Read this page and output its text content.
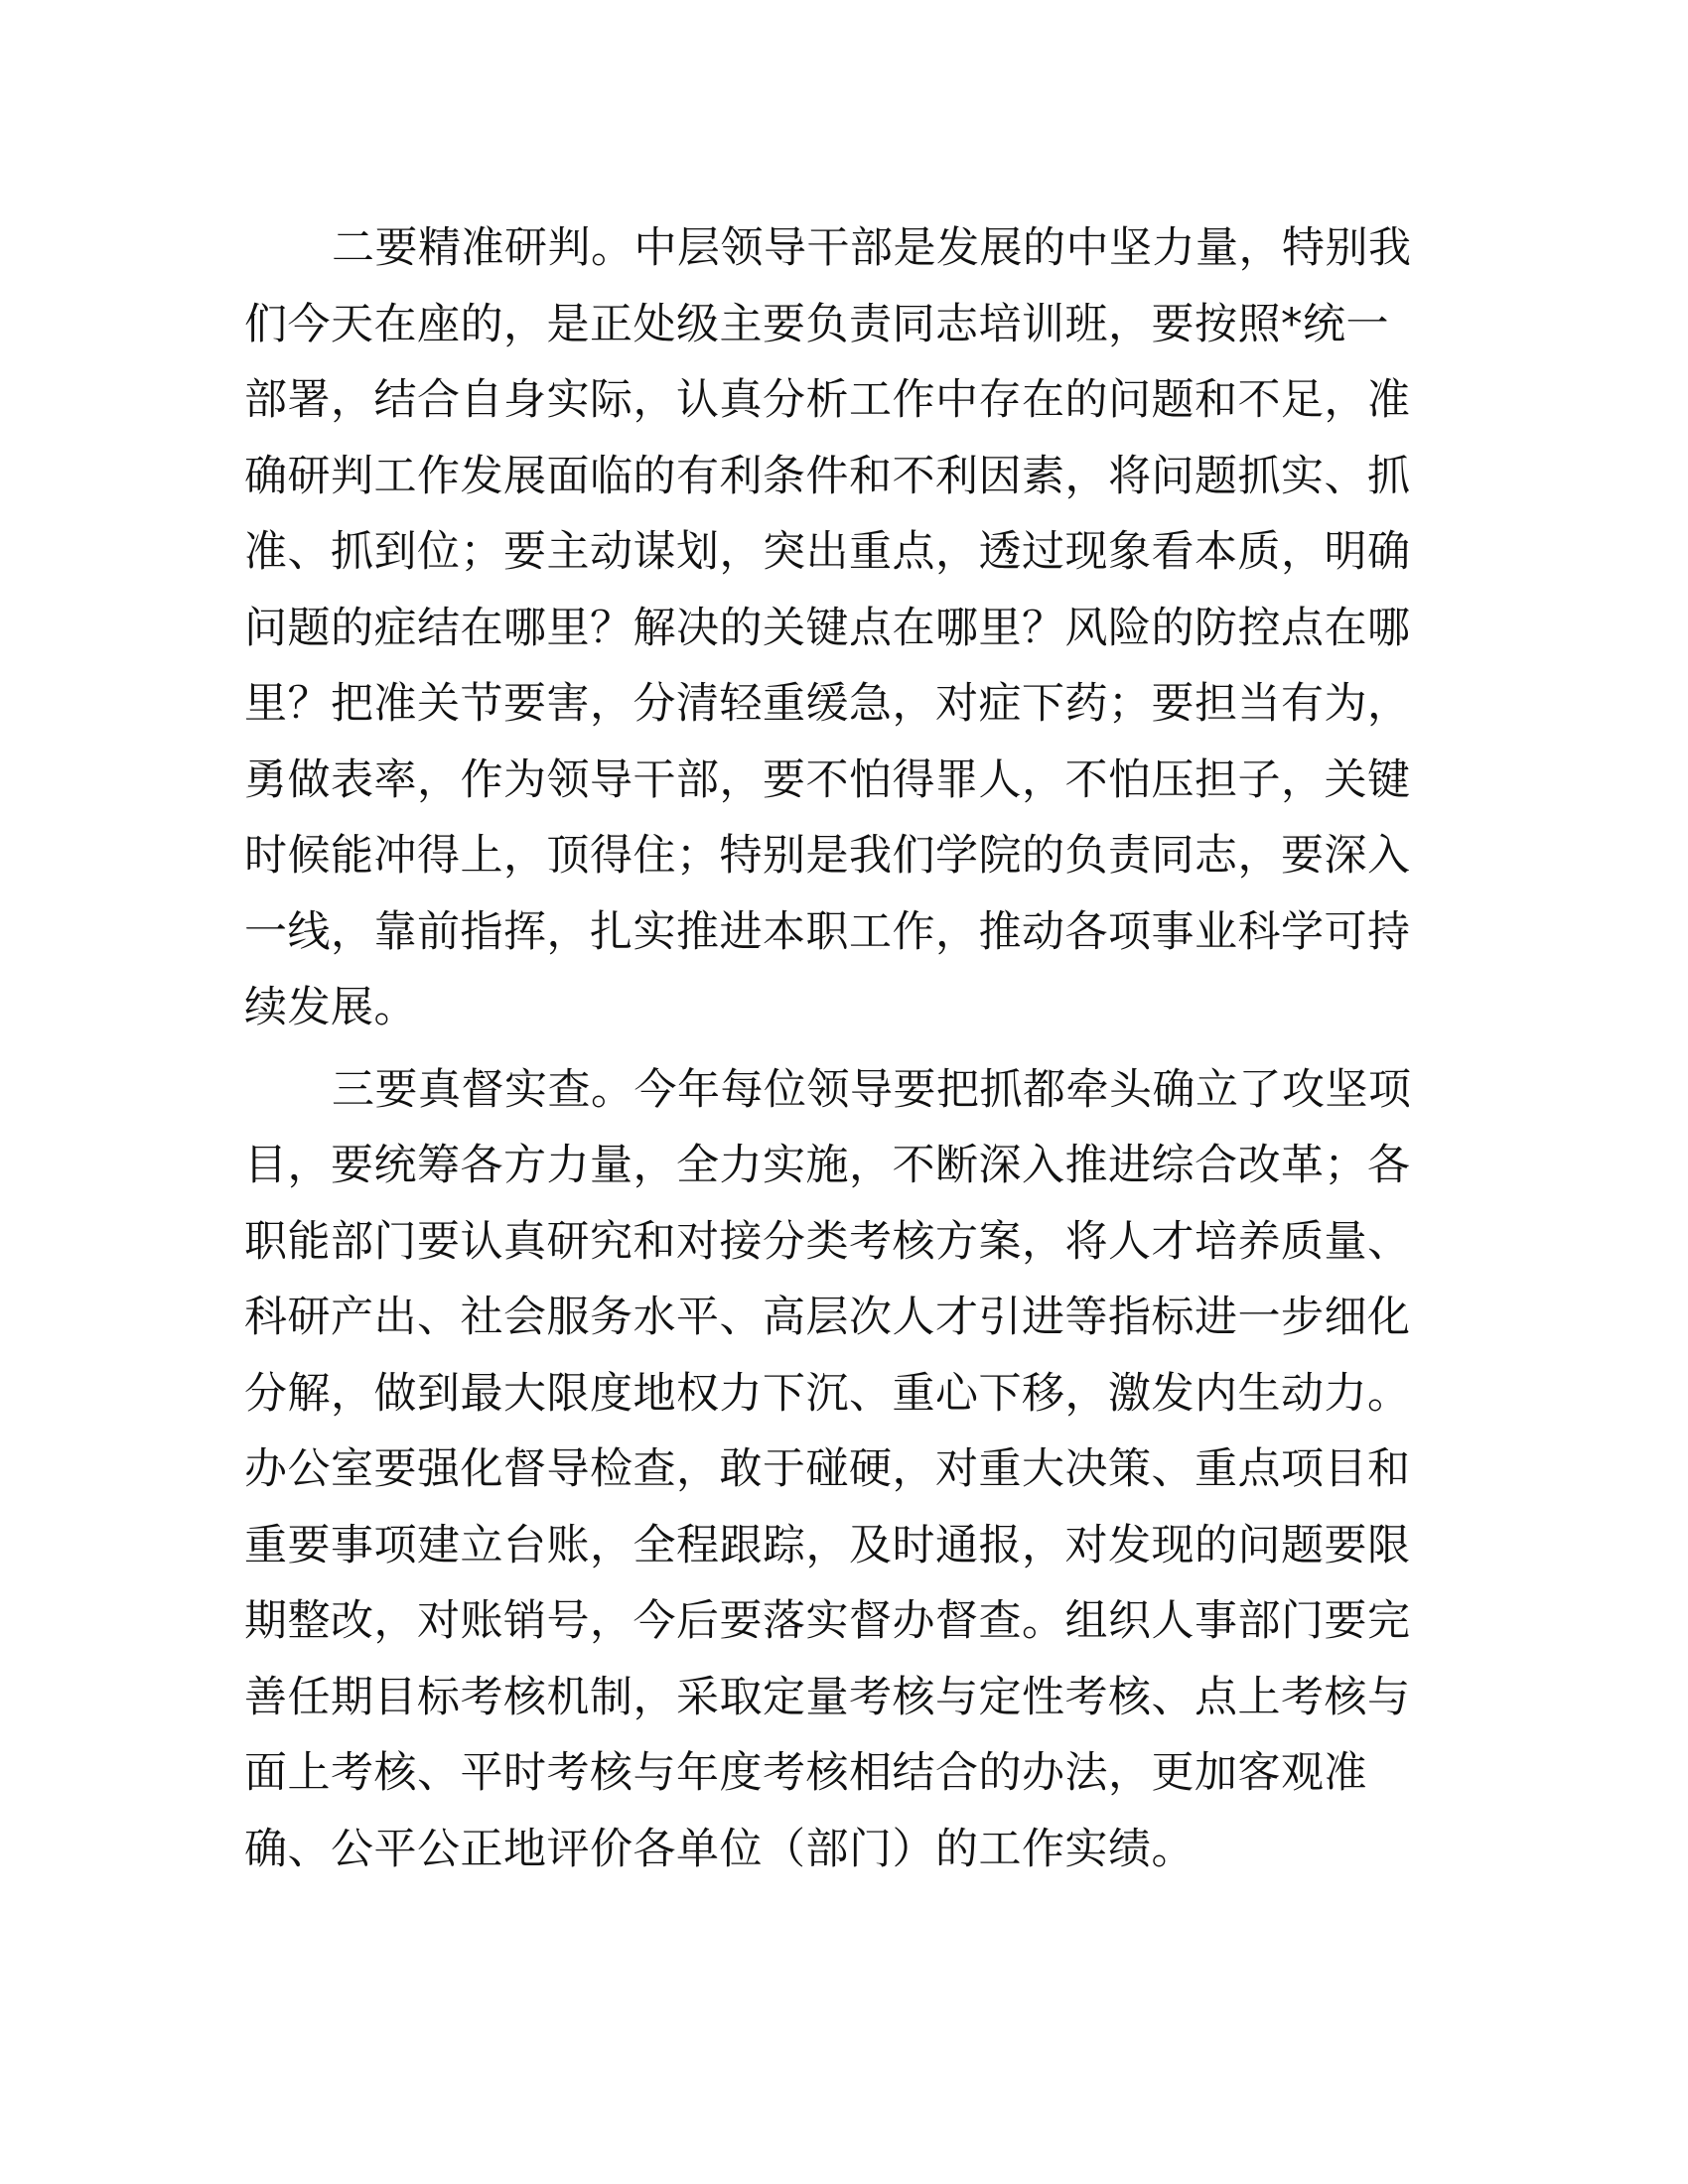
二要精准研判。中层领导干部是发展的中坚力量，特别我
们今天在座的，是正处级主要负责同志培训班，要按照*统一
部署，结合自身实际，认真分析工作中存在的问题和不足，准
确研判工作发展面临的有利条件和不利因素，将问题抓实、抓
准、抓到位；要主动谋划，突出重点，透过现象看本质，明确
问题的症结在哪里？解决的关键点在哪里？风险的防控点在哪
里？把准关节要害，分清轻重缓急，对症下药；要担当有为，
勇做表率，作为领导干部，要不怕得罪人，不怕压担子，关键
时候能冲得上，顶得住；特别是我们学院的负责同志，要深入
一线，靠前指挥，扎实推进本职工作，推动各项事业科学可持
续发展。

三要真督实查。今年每位领导要把抓都牵头确立了攻坚项
目，要统筹各方力量，全力实施，不断深入推进综合改革；各
职能部门要认真研究和对接分类考核方案，将人才培养质量、
科研产出、社会服务水平、高层次人才引进等指标进一步细化
分解，做到最大限度地权力下沉、重心下移，激发内生动力。
办公室要强化督导检查，敢于碰硬，对重大决策、重点项目和
重要事项建立台账，全程跟踪，及时通报，对发现的问题要限
期整改，对账销号，今后要落实督办督查。组织人事部门要完
善任期目标考核机制，采取定量考核与定性考核、点上考核与
面上考核、平时考核与年度考核相结合的办法，更加客观准
确、公平公正地评价各单位（部门）的工作实绩。
